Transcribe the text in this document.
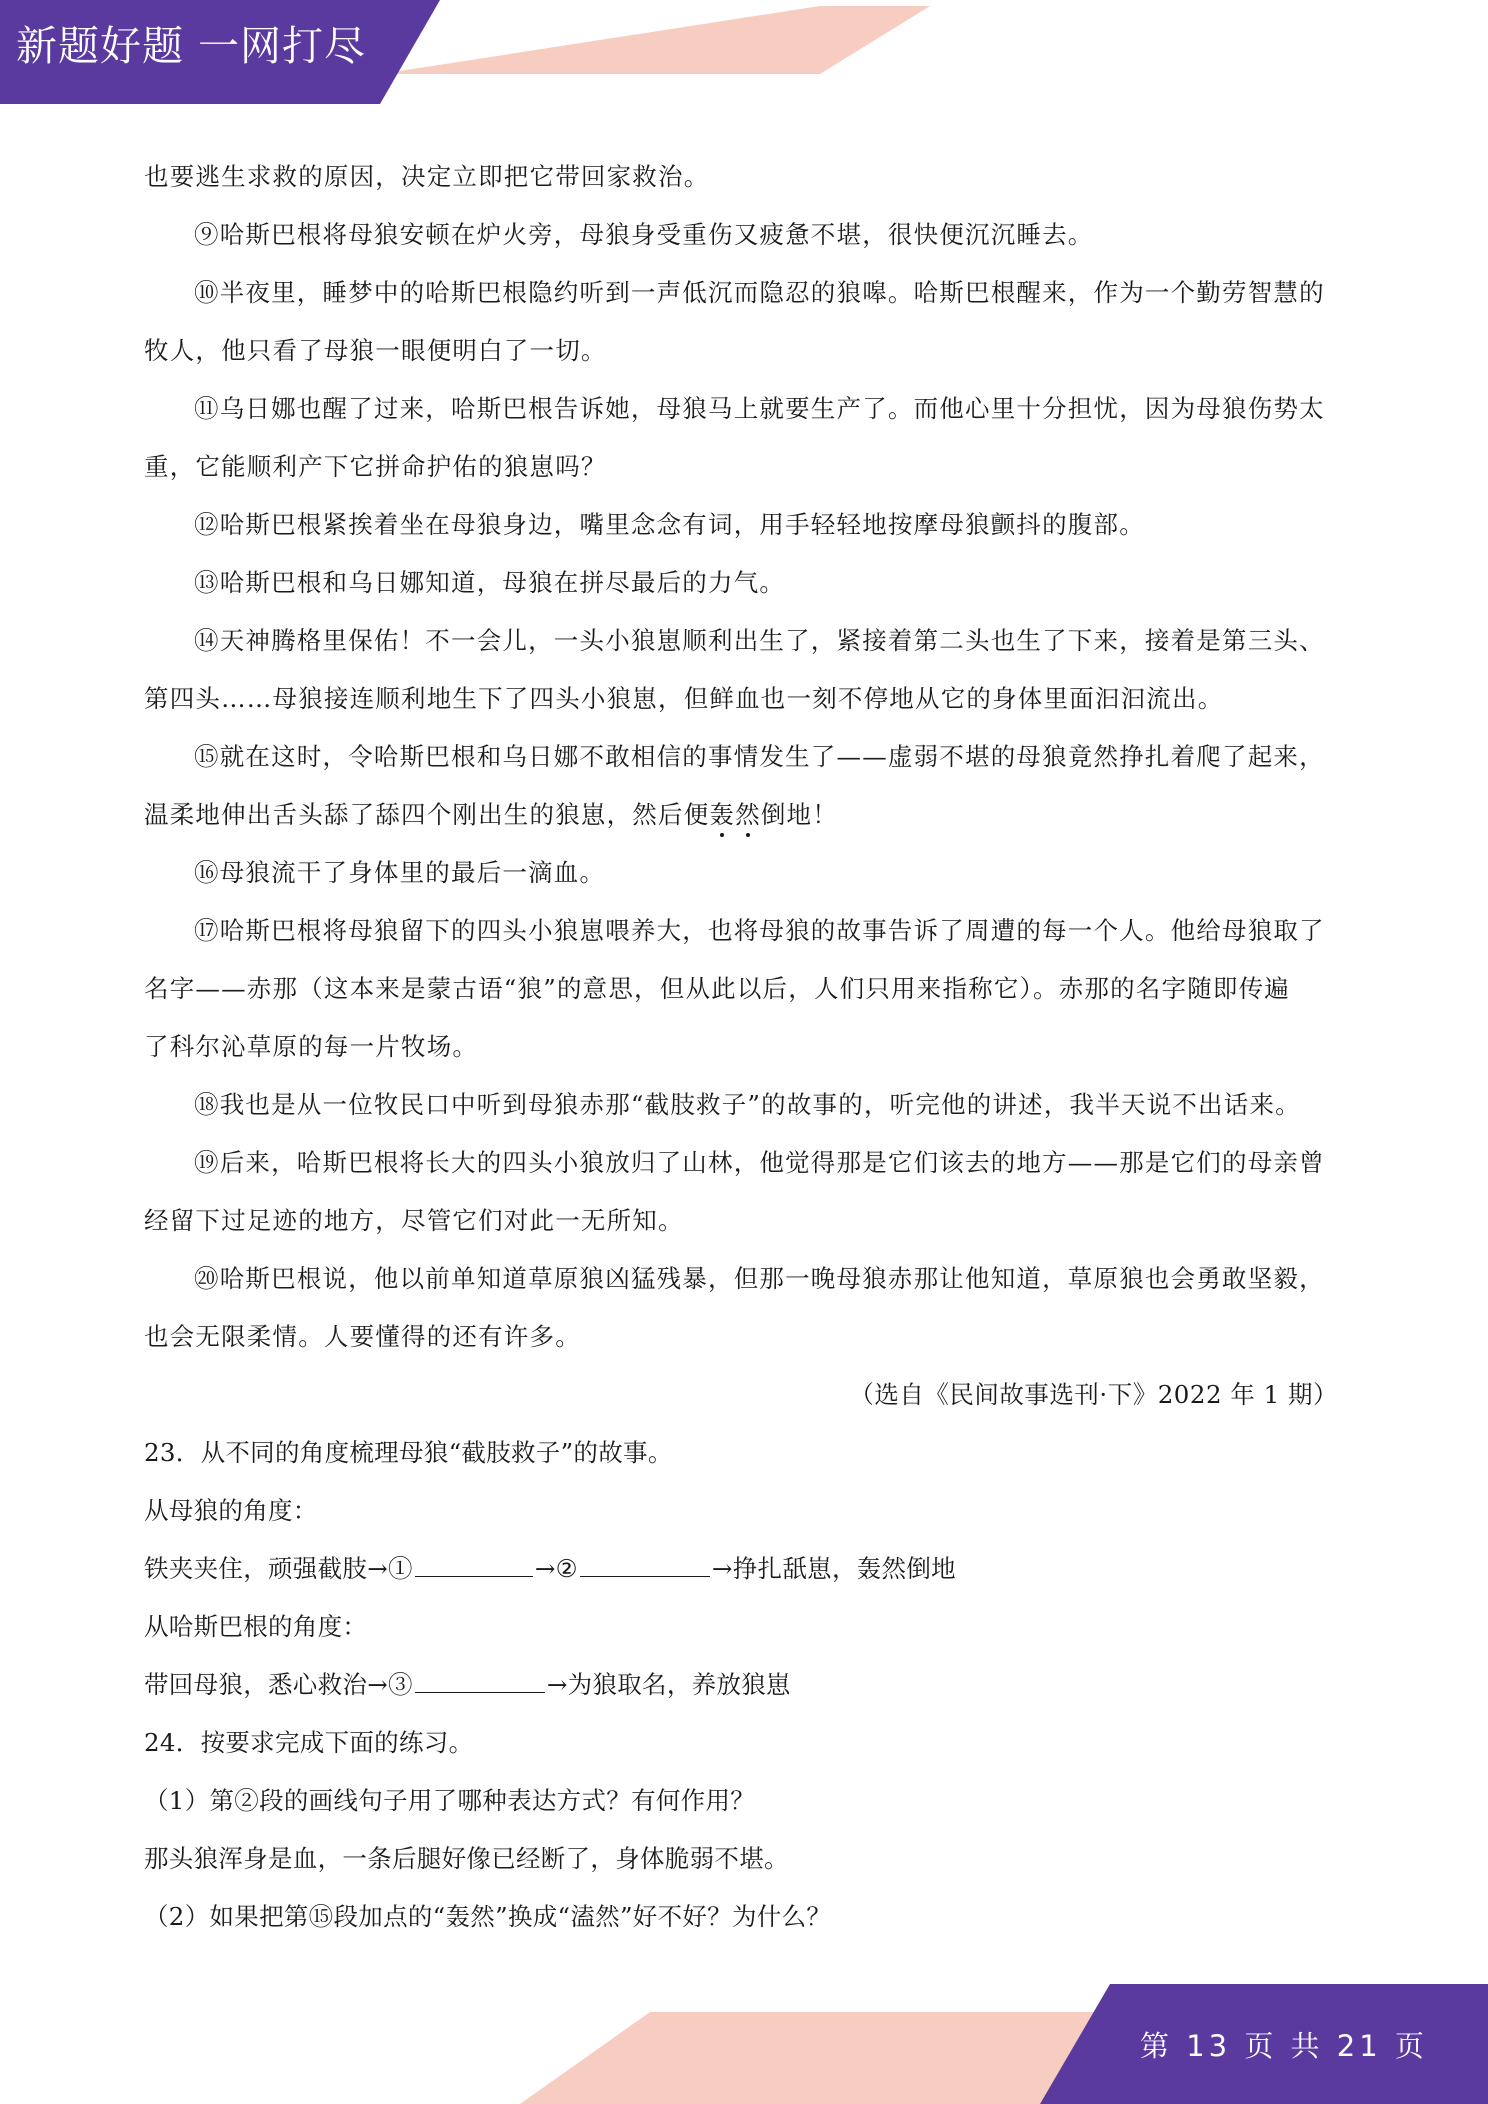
新题好题 一网打尽
也要逃生求救的原因，决定立即把它带回家救治。
⑨哈斯巴根将母狼安顿在炉火旁，母狼身受重伤又疲惫不堪，很快便沉沉睡去。
⑩半夜里，睡梦中的哈斯巴根隐约听到一声低沉而隐忍的狼嗥。哈斯巴根醒来，作为一个勤劳智慧的
牧人，他只看了母狼一眼便明白了一切。
⑪乌日娜也醒了过来，哈斯巴根告诉她，母狼马上就要生产了。而他心里十分担忧，因为母狼伤势太
重，它能顺利产下它拼命护佑的狼崽吗？
⑫哈斯巴根紧挨着坐在母狼身边，嘴里念念有词，用手轻轻地按摩母狼颤抖的腹部。
⑬哈斯巴根和乌日娜知道，母狼在拼尽最后的力气。
⑭天神腾格里保佑！不一会儿，一头小狼崽顺利出生了，紧接着第二头也生了下来，接着是第三头、
第四头……母狼接连顺利地生下了四头小狼崽，但鲜血也一刻不停地从它的身体里面汩汩流出。
⑮就在这时，令哈斯巴根和乌日娜不敢相信的事情发生了——虚弱不堪的母狼竟然挣扎着爬了起来，
温柔地伸出舌头舔了舔四个刚出生的狼崽，然后便轰然倒地！
⑯母狼流干了身体里的最后一滴血。
⑰哈斯巴根将母狼留下的四头小狼崽喂养大，也将母狼的故事告诉了周遭的每一个人。他给母狼取了
名字——赤那（这本来是蒙古语“狼”的意思，但从此以后，人们只用来指称它）。赤那的名字随即传遍
了科尔沁草原的每一片牧场。
⑱我也是从一位牧民口中听到母狼赤那“截肢救子”的故事的，听完他的讲述，我半天说不出话来。
⑲后来，哈斯巴根将长大的四头小狼放归了山林，他觉得那是它们该去的地方——那是它们的母亲曾
经留下过足迹的地方，尽管它们对此一无所知。
⑳哈斯巴根说，他以前单知道草原狼凶猛残暴，但那一晚母狼赤那让他知道，草原狼也会勇敢坚毅，
也会无限柔情。人要懂得的还有许多。
（选自《民间故事选刊·下》2022 年 1 期）
23．从不同的角度梳理母狼“截肢救子”的故事。
从母狼的角度：
铁夹夹住，顽强截肢→①	→②	→挣扎舐崽，轰然倒地
从哈斯巴根的角度：
带回母狼，悉心救治→③	→为狼取名，养放狼崽
24．按要求完成下面的练习。
（1）第②段的画线句子用了哪种表达方式？有何作用？
那头狼浑身是血，一条后腿好像已经断了，身体脆弱不堪。
（2）如果把第⑮段加点的“轰然”换成“溘然”好不好？为什么？
第 13 页 共 21 页
